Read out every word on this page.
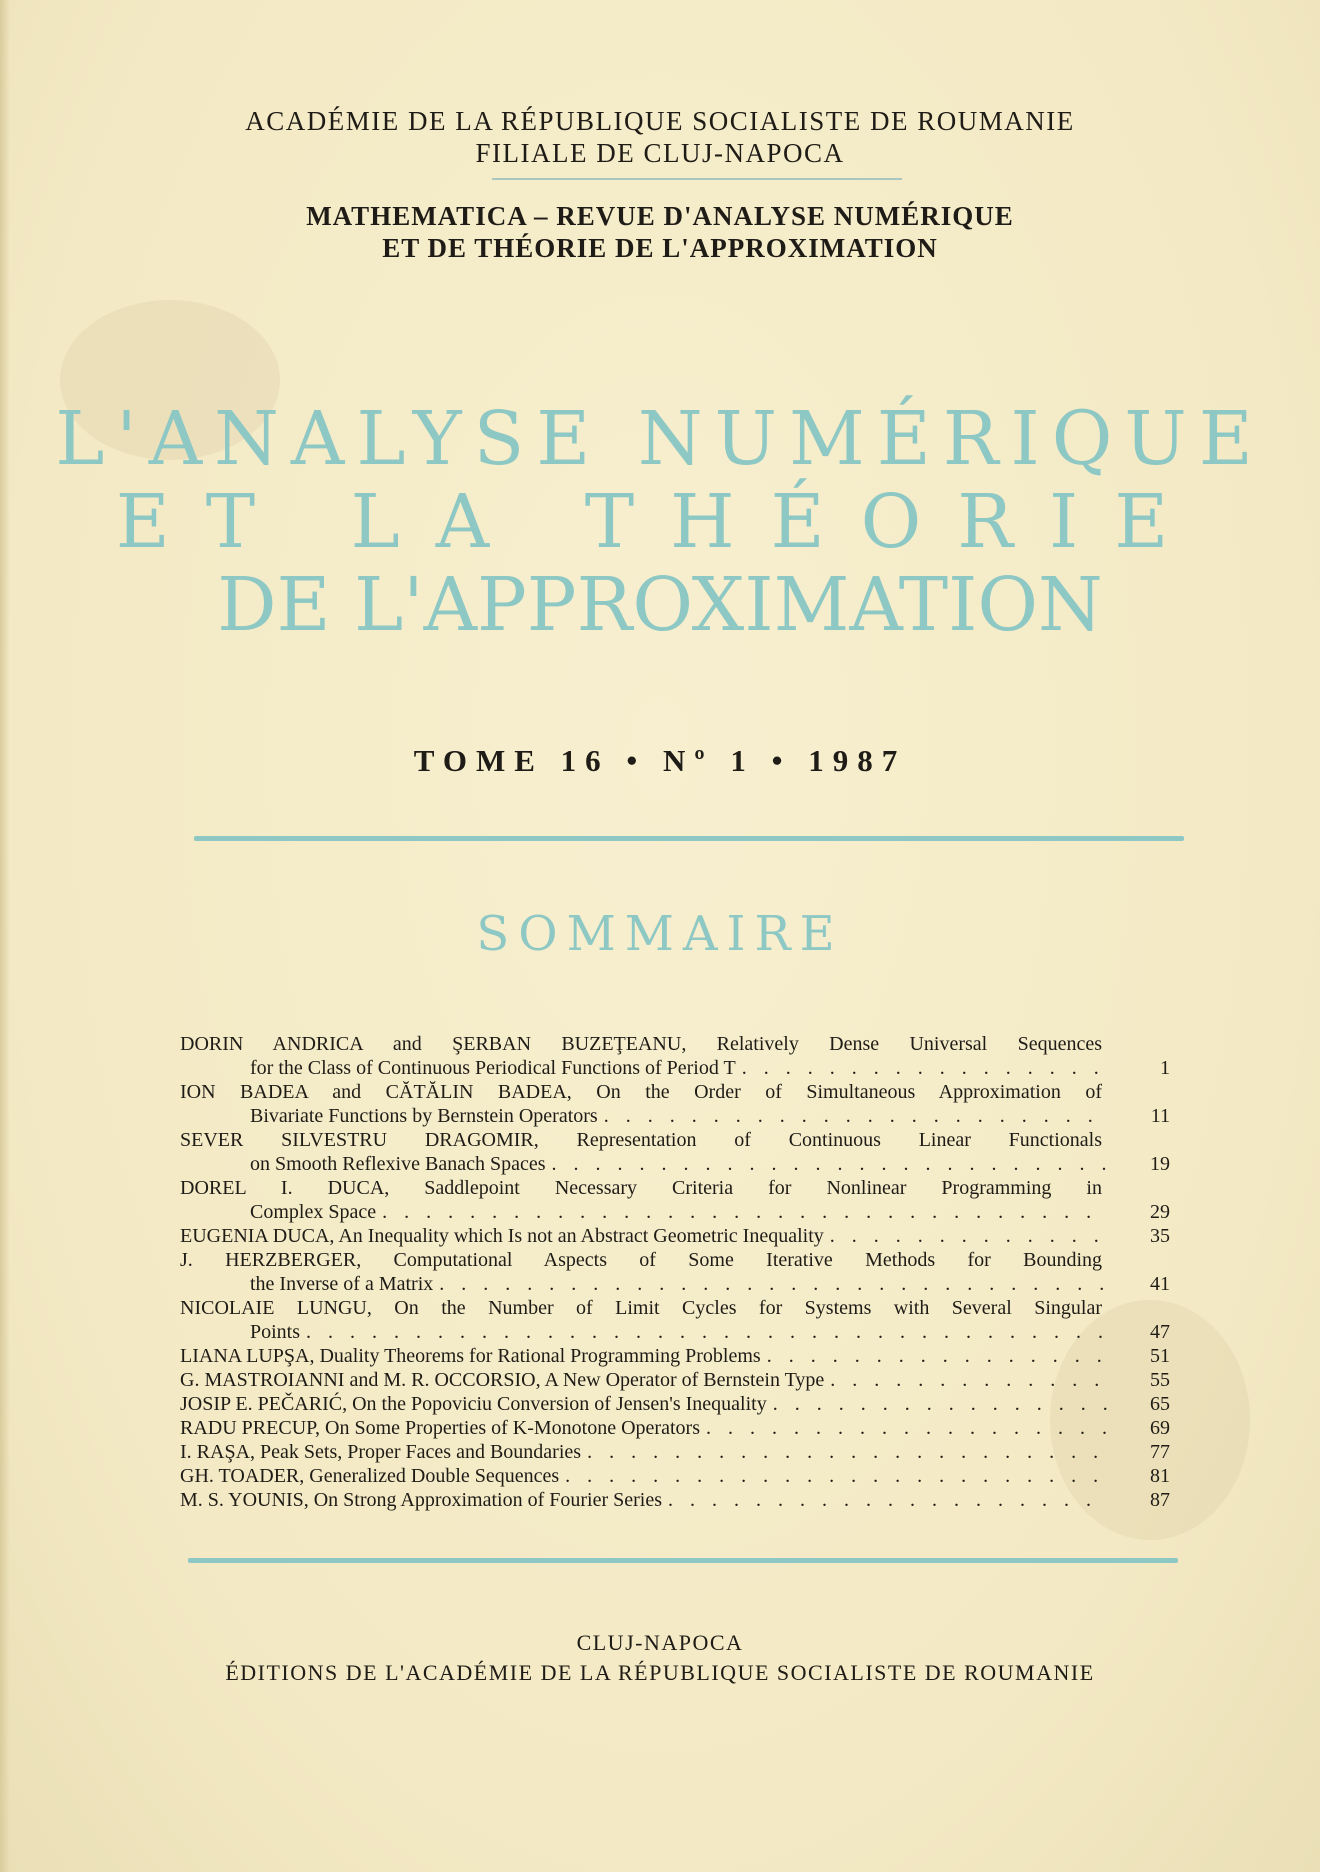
ACADÉMIE DE LA RÉPUBLIQUE SOCIALISTE DE ROUMANIE
FILIALE DE CLUJ-NAPOCA
MATHEMATICA – REVUE D'ANALYSE NUMÉRIQUE
ET DE THÉORIE DE L'APPROXIMATION
L'ANALYSE NUMÉRIQUE
ET LA THÉORIE
DE L'APPROXIMATION
TOME 16 • Nº 1 • 1987
SOMMAIRE
DORIN ANDRICA and ŞERBAN BUZEŢEANU, Relatively Dense Universal Sequences
for the Class of Continuous Periodical Functions of Period T . . .	1
ION BADEA and CĂTĂLIN BADEA, On the Order of Simultaneous Approximation of
Bivariate Functions by Bernstein Operators . . .	11
SEVER SILVESTRU DRAGOMIR, Representation of Continuous Linear Functionals
on Smooth Reflexive Banach Spaces . . .	19
DOREL I. DUCA, Saddlepoint Necessary Criteria for Nonlinear Programming in
Complex Space . . .	29
EUGENIA DUCA, An Inequality which Is not an Abstract Geometric Inequality . . .	35
J. HERZBERGER, Computational Aspects of Some Iterative Methods for Bounding
the Inverse of a Matrix . . .	41
NICOLAIE LUNGU, On the Number of Limit Cycles for Systems with Several Singular
Points . . .	47
LIANA LUPŞA, Duality Theorems for Rational Programming Problems . . .	51
G. MASTROIANNI and M. R. OCCORSIO, A New Operator of Bernstein Type . . .	55
JOSIP E. PEČARIĆ, On the Popoviciu Conversion of Jensen's Inequality . . .	65
RADU PRECUP, On Some Properties of K-Monotone Operators . . .	69
I. RAŞA, Peak Sets, Proper Faces and Boundaries . . .	77
GH. TOADER, Generalized Double Sequences . . .	81
M. S. YOUNIS, On Strong Approximation of Fourier Series . . .	87
CLUJ-NAPOCA
ÉDITIONS DE L'ACADÉMIE DE LA RÉPUBLIQUE SOCIALISTE DE ROUMANIE
